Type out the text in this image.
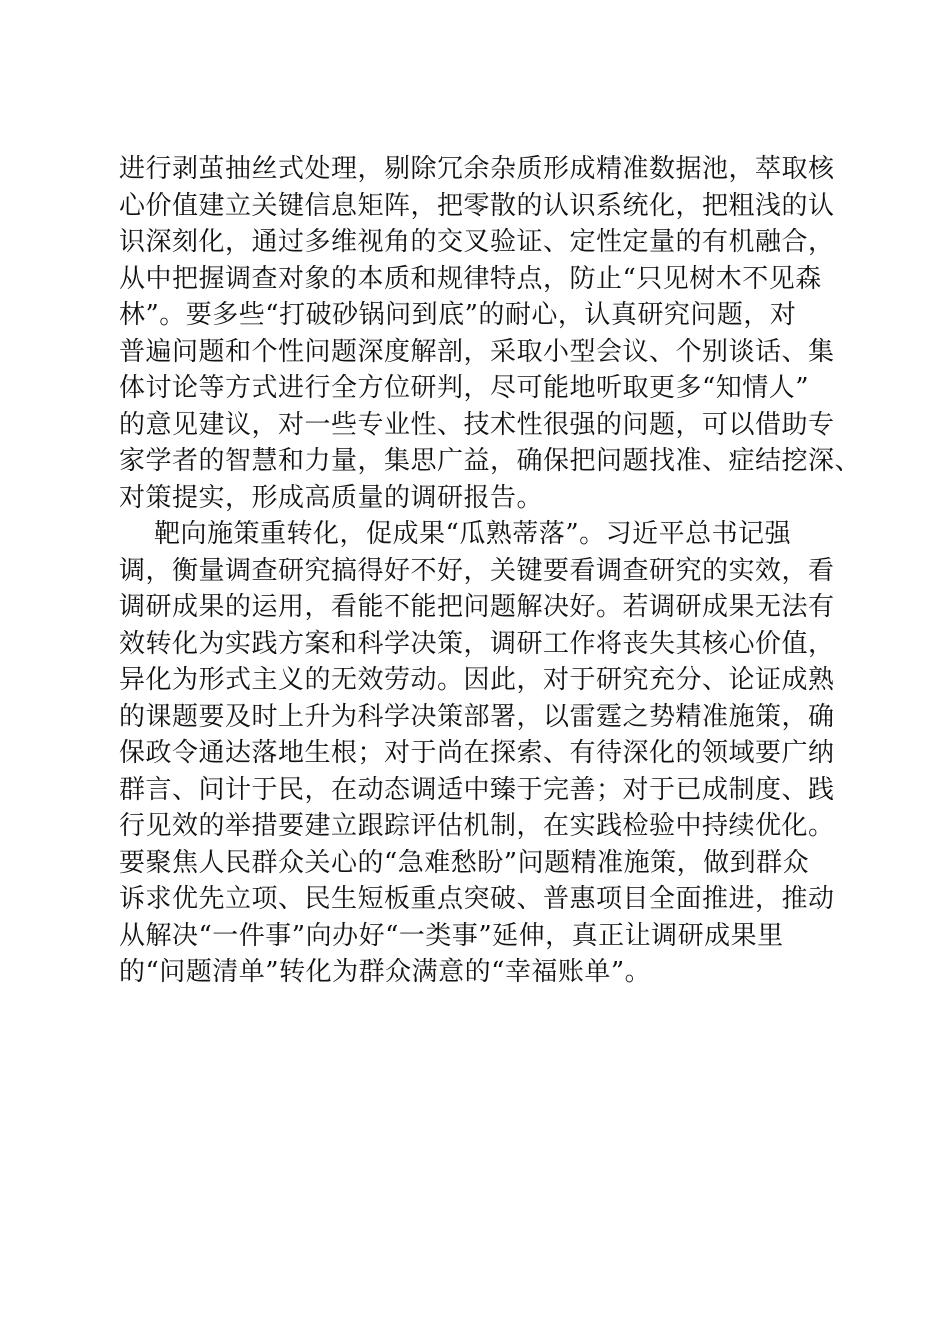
进行剥茧抽丝式处理，剔除冗余杂质形成精准数据池，萃取核
心价值建立关键信息矩阵，把零散的认识系统化，把粗浅的认
识深刻化，通过多维视角的交叉验证、定性定量的有机融合，
从中把握调查对象的本质和规律特点，防止“只见树木不见森
林”。要多些“打破砂锅问到底”的耐心，认真研究问题，对
普遍问题和个性问题深度解剖，采取小型会议、个别谈话、集
体讨论等方式进行全方位研判，尽可能地听取更多“知情人”
的意见建议，对一些专业性、技术性很强的问题，可以借助专
家学者的智慧和力量，集思广益，确保把问题找准、症结挖深、
对策提实，形成高质量的调研报告。
靶向施策重转化，促成果“瓜熟蒂落”。习近平总书记强
调，衡量调查研究搞得好不好，关键要看调查研究的实效，看
调研成果的运用，看能不能把问题解决好。若调研成果无法有
效转化为实践方案和科学决策，调研工作将丧失其核心价值，
异化为形式主义的无效劳动。因此，对于研究充分、论证成熟
的课题要及时上升为科学决策部署，以雷霆之势精准施策，确
保政令通达落地生根；对于尚在探索、有待深化的领域要广纳
群言、问计于民，在动态调适中臻于完善；对于已成制度、践
行见效的举措要建立跟踪评估机制，在实践检验中持续优化。
要聚焦人民群众关心的“急难愁盼”问题精准施策，做到群众
诉求优先立项、民生短板重点突破、普惠项目全面推进，推动
从解决“一件事”向办好“一类事”延伸，真正让调研成果里
的“问题清单”转化为群众满意的“幸福账单”。
